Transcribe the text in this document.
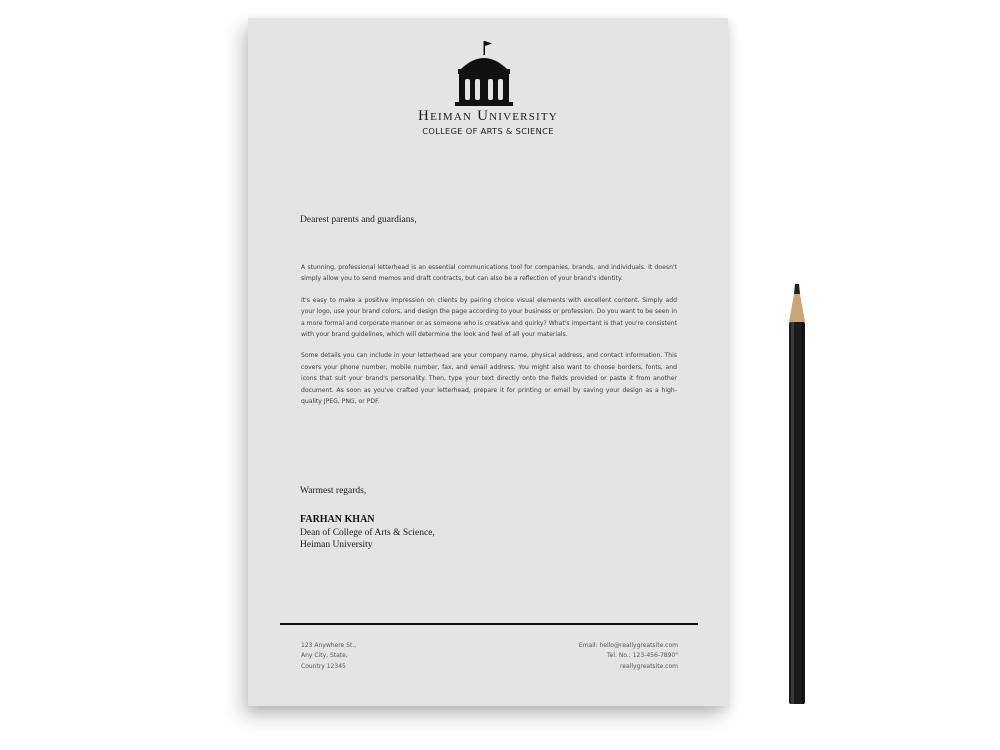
Heiman University
COLLEGE OF ARTS & SCIENCE
Dearest parents and guardians,

A stunning, professional letterhead is an essential communications tool for companies, brands, and individuals. It doesn't simply allow you to send memos and draft contracts, but can also be a reflection of your brand's identity.

It's easy to make a positive impression on clients by pairing choice visual elements with excellent content. Simply add your logo, use your brand colors, and design the page according to your business or profession. Do you want to be seen in a more formal and corporate manner or as someone who is creative and quirky? What's important is that you're consistent with your brand guidelines, which will determine the look and feel of all your materials.

Some details you can include in your letterhead are your company name, physical address, and contact information. This covers your phone number, mobile number, fax, and email address. You might also want to choose borders, fonts, and icons that suit your brand's personality. Then, type your text directly onto the fields provided or paste it from another document. As soon as you've crafted your letterhead, prepare it for printing or email by saving your design as a high-quality JPEG, PNG, or PDF.

Warmest regards,
FARHAN KHAN
Dean of College of Arts & Science,
Heiman University
123 Anywhere St.,
Any City, State,
Country 12345
Email: hello@reallygreatsite.com
Tel. No.: 123-456-7890"
reallygreatsite.com
